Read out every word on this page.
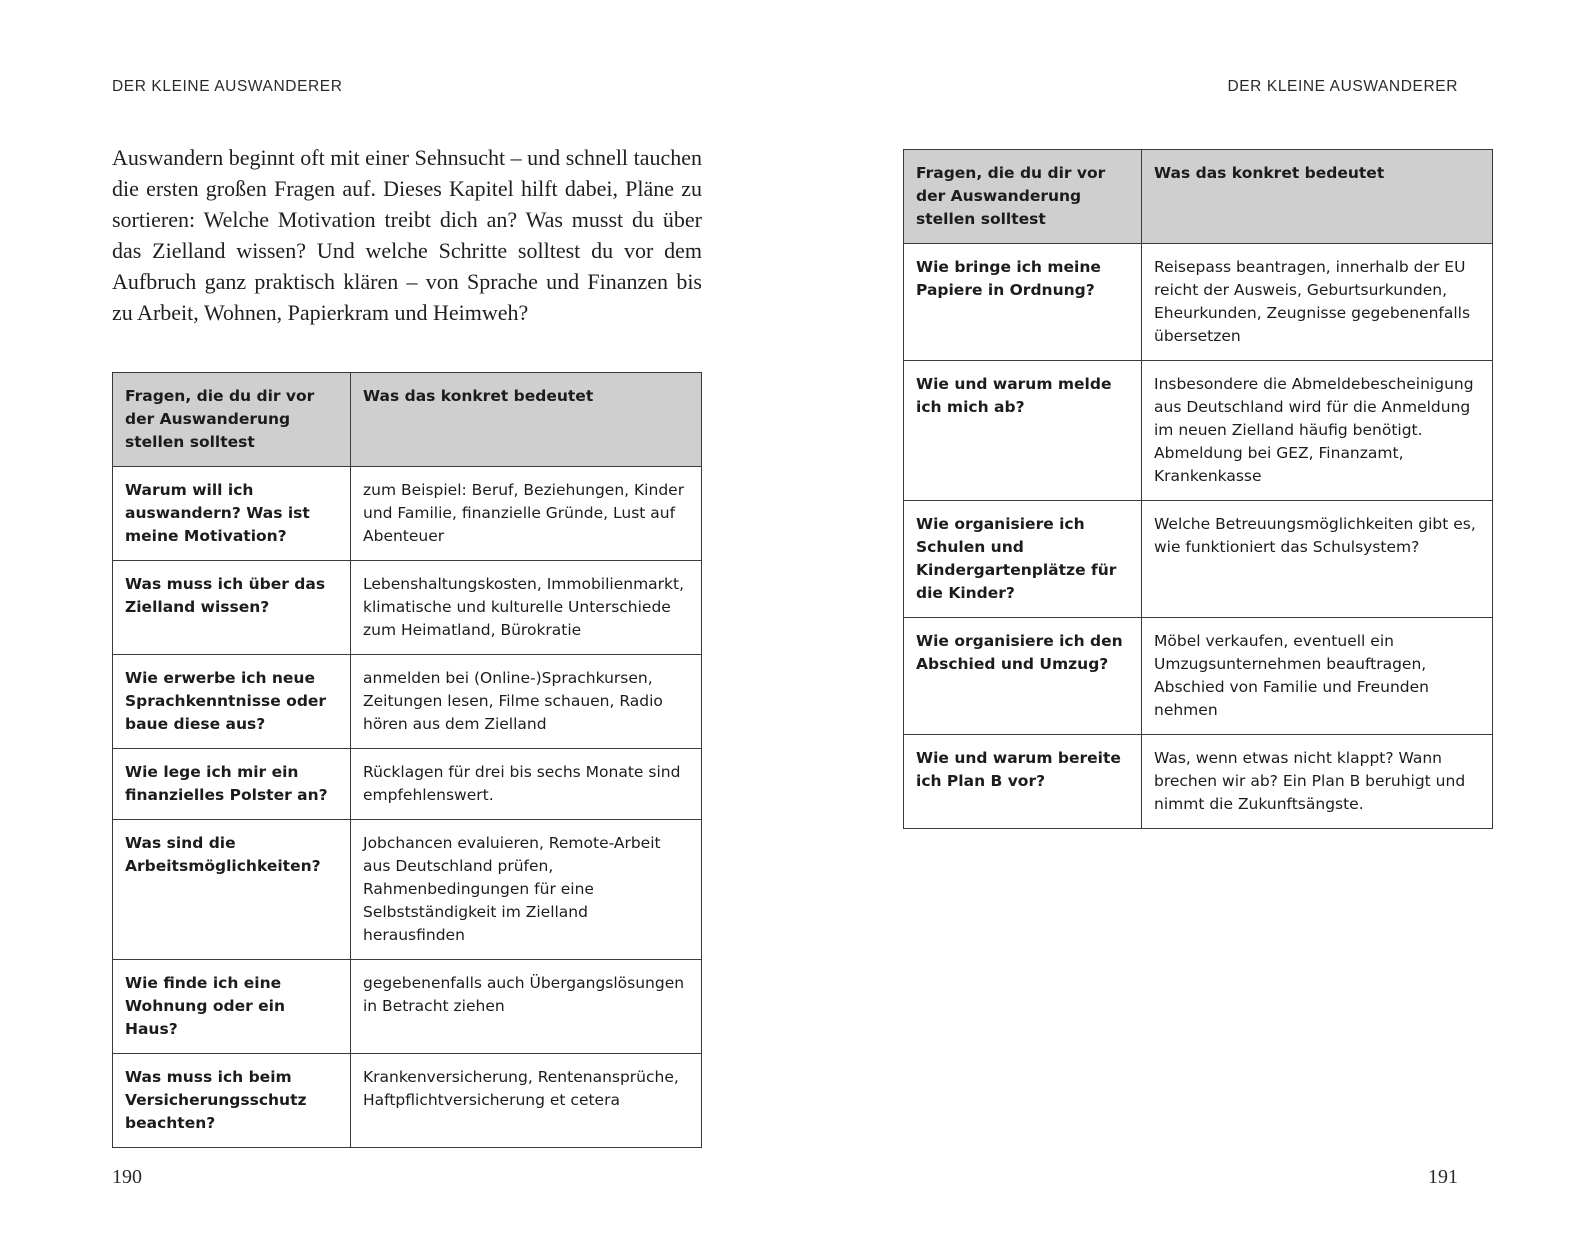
DER KLEINE AUSWANDERER

Auswandern beginnt oft mit einer Sehnsucht – und schnell tauchen die ersten großen Fragen auf. Dieses Kapitel hilft dabei, Pläne zu sortieren: Welche Motivation treibt dich an? Was musst du über das Zielland wissen? Und welche Schritte solltest du vor dem Aufbruch ganz praktisch klären – von Sprache und Finanzen bis zu Arbeit, Wohnen, Papierkram und Heimweh?

Fragen, die du dir vor der Auswanderung stellen solltest	Was das konkret bedeutet
Warum will ich auswandern? Was ist meine Motivation?	zum Beispiel: Beruf, Beziehungen, Kinder und Familie, finanzielle Gründe, Lust auf Abenteuer
Was muss ich über das Zielland wissen?	Lebenshaltungskosten, Immobilienmarkt, klimatische und kulturelle Unterschiede zum Heimatland, Bürokratie
Wie erwerbe ich neue Sprachkenntnisse oder baue diese aus?	anmelden bei (Online-)Sprachkursen, Zeitungen lesen, Filme schauen, Radio hören aus dem Zielland
Wie lege ich mir ein finanzielles Polster an?	Rücklagen für drei bis sechs Monate sind empfehlenswert.
Was sind die Arbeitsmöglichkeiten?	Jobchancen evaluieren, Remote-Arbeit aus Deutschland prüfen, Rahmenbedingungen für eine Selbstständigkeit im Zielland herausfinden
Wie finde ich eine Wohnung oder ein Haus?	gegebenenfalls auch Übergangslösungen in Betracht ziehen
Was muss ich beim Versicherungsschutz beachten?	Krankenversicherung, Rentenansprüche, Haftpflichtversicherung et cetera
190
DER KLEINE AUSWANDERER
Fragen, die du dir vor der Auswanderung stellen solltest	Was das konkret bedeutet
Wie bringe ich meine Papiere in Ordnung?	Reisepass beantragen, innerhalb der EU reicht der Ausweis, Geburtsurkunden, Eheurkunden, Zeugnisse gegebenenfalls übersetzen
Wie und warum melde ich mich ab?	Insbesondere die Abmeldebescheinigung aus Deutschland wird für die Anmeldung im neuen Zielland häufig benötigt. Abmeldung bei GEZ, Finanzamt, Krankenkasse
Wie organisiere ich Schulen und Kindergartenplätze für die Kinder?	Welche Betreuungsmöglichkeiten gibt es, wie funktioniert das Schulsystem?
Wie organisiere ich den Abschied und Umzug?	Möbel verkaufen, eventuell ein Umzugsunternehmen beauftragen, Abschied von Familie und Freunden nehmen
Wie und warum bereite ich Plan B vor?	Was, wenn etwas nicht klappt? Wann brechen wir ab? Ein Plan B beruhigt und nimmt die Zukunftsängste.
191
